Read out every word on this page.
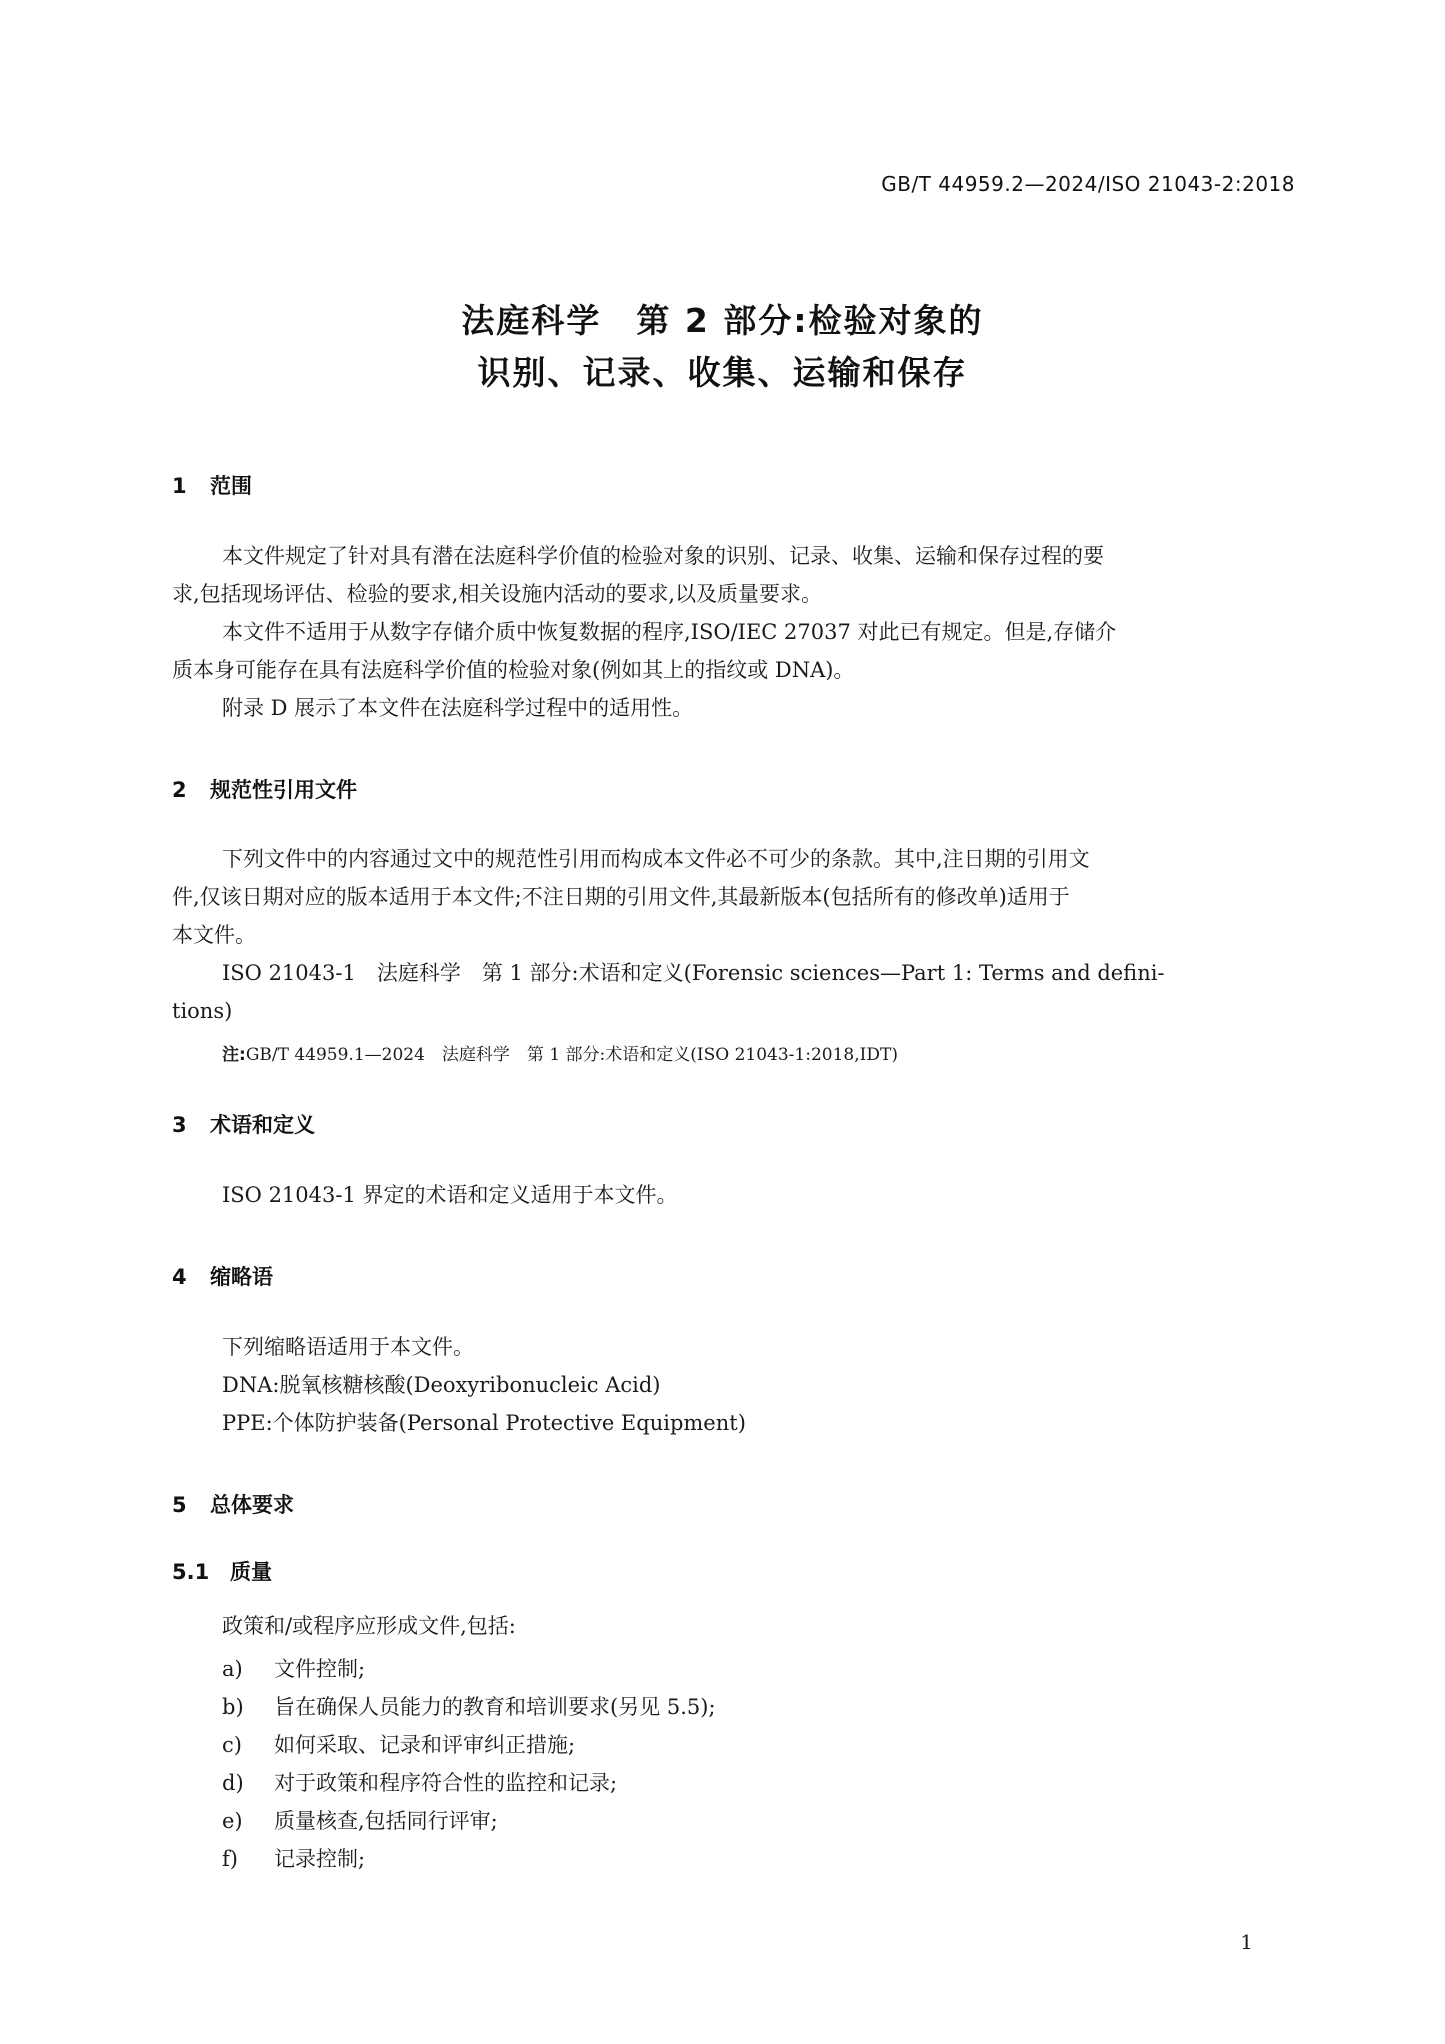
GB/T 44959.2—2024/ISO 21043-2:2018
法庭科学　第 2 部分:检验对象的
识别、记录、收集、运输和保存
1 范围
本文件规定了针对具有潜在法庭科学价值的检验对象的识别、记录、收集、运输和保存过程的要
求,包括现场评估、检验的要求,相关设施内活动的要求,以及质量要求。
本文件不适用于从数字存储介质中恢复数据的程序,ISO/IEC 27037 对此已有规定。但是,存储介
质本身可能存在具有法庭科学价值的检验对象(例如其上的指纹或 DNA)。
附录 D 展示了本文件在法庭科学过程中的适用性。
2 规范性引用文件
下列文件中的内容通过文中的规范性引用而构成本文件必不可少的条款。其中,注日期的引用文
件,仅该日期对应的版本适用于本文件;不注日期的引用文件,其最新版本(包括所有的修改单)适用于
本文件。
ISO 21043-1　法庭科学　第 1 部分:术语和定义(Forensic sciences—Part 1: Terms and defini-
tions)
注:GB/T 44959.1—2024　法庭科学　第 1 部分:术语和定义(ISO 21043-1:2018,IDT)
3 术语和定义
ISO 21043-1 界定的术语和定义适用于本文件。
4 缩略语
下列缩略语适用于本文件。
DNA:脱氧核糖核酸(Deoxyribonucleic Acid)
PPE:个体防护装备(Personal Protective Equipment)
5 总体要求
5.1 质量
政策和/或程序应形成文件,包括:
a) 文件控制;
b) 旨在确保人员能力的教育和培训要求(另见 5.5);
c) 如何采取、记录和评审纠正措施;
d) 对于政策和程序符合性的监控和记录;
e) 质量核查,包括同行评审;
f) 记录控制;
1
